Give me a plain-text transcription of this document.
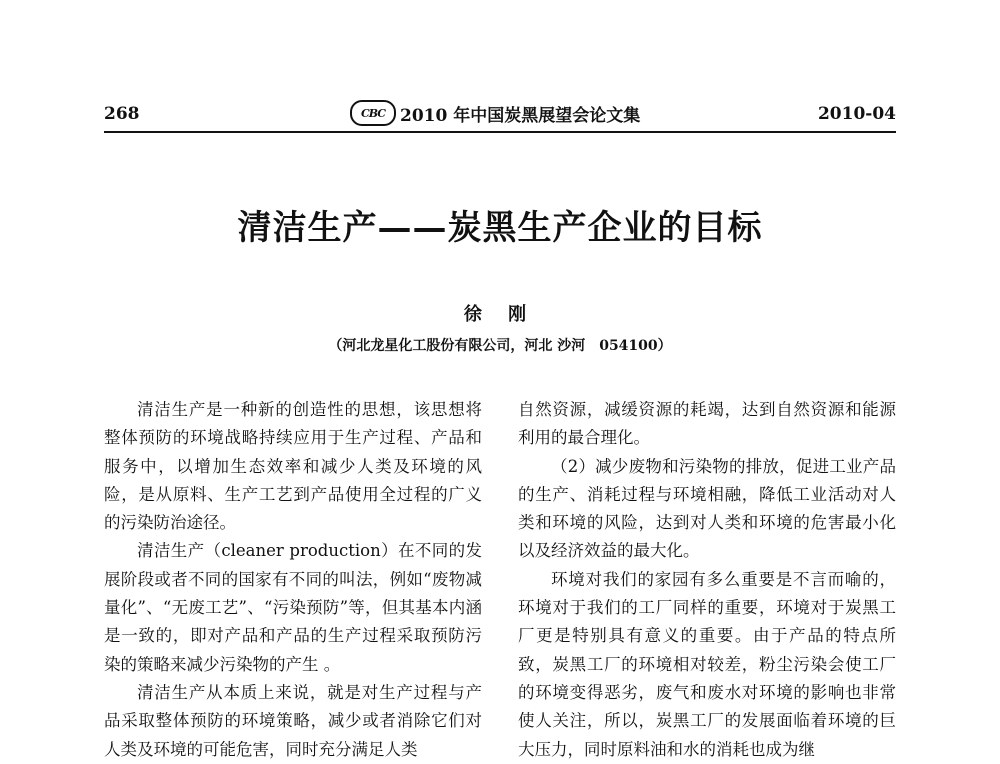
268	CBC 2010 年中国炭黑展望会论文集	2010-04
清洁生产——炭黑生产企业的目标
徐 刚
（河北龙星化工股份有限公司，河北 沙河　054100）

清洁生产是一种新的创造性的思想，该思想将整体预防的环境战略持续应用于生产过程、产品和服务中，以增加生态效率和减少人类及环境的风险，是从原料、生产工艺到产品使用全过程的广义的污染防治途径。

清洁生产（cleaner production）在不同的发展阶段或者不同的国家有不同的叫法，例如“废物减量化”、“无废工艺”、“污染预防”等，但其基本内涵是一致的，即对产品和产品的生产过程采取预防污染的策略来减少污染物的产生 。

清洁生产从本质上来说，就是对生产过程与产品采取整体预防的环境策略，减少或者消除它们对人类及环境的可能危害，同时充分满足人类

自然资源，减缓资源的耗竭，达到自然资源和能源利用的最合理化。

（2）减少废物和污染物的排放，促进工业产品的生产、消耗过程与环境相融，降低工业活动对人类和环境的风险，达到对人类和环境的危害最小化以及经济效益的最大化。

环境对我们的家园有多么重要是不言而喻的，环境对于我们的工厂同样的重要，环境对于炭黑工厂更是特别具有意义的重要。由于产品的特点所致，炭黑工厂的环境相对较差，粉尘污染会使工厂的环境变得恶劣，废气和废水对环境的影响也非常使人关注，所以，炭黑工厂的发展面临着环境的巨大压力，同时原料油和水的消耗也成为继
